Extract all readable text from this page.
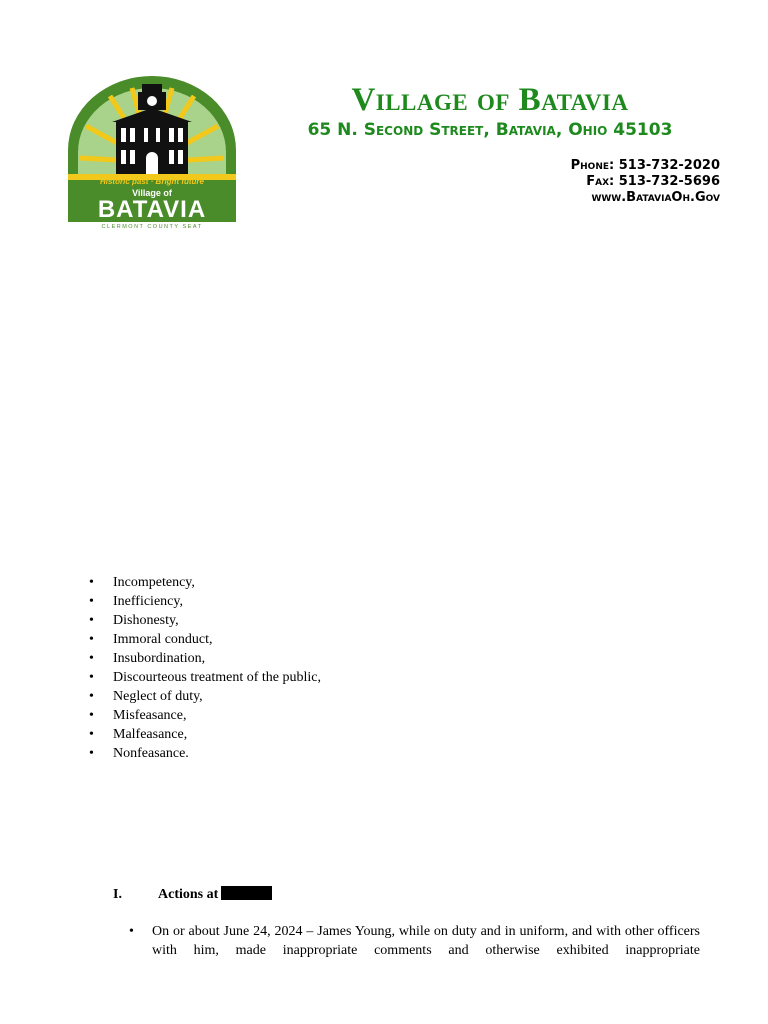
Historic past · Bright future
Village of
BATAVIA
CLERMONT COUNTY SEAT
Village of Batavia
65 N. Second Street, Batavia, Ohio 45103
Phone: 513-732-2020
Fax: 513-732-5696
www.BataviaOh.Gov
• Incompetency,
• Inefficiency,
• Dishonesty,
• Immoral conduct,
• Insubordination,
• Discourteous treatment of the public,
• Neglect of duty,
• Misfeasance,
• Malfeasance,
• Nonfeasance.
I.	Actions at
• On or about June 24, 2024 – James Young, while on duty and in uniform, and with other officers with him, made inappropriate comments and otherwise exhibited inappropriate
